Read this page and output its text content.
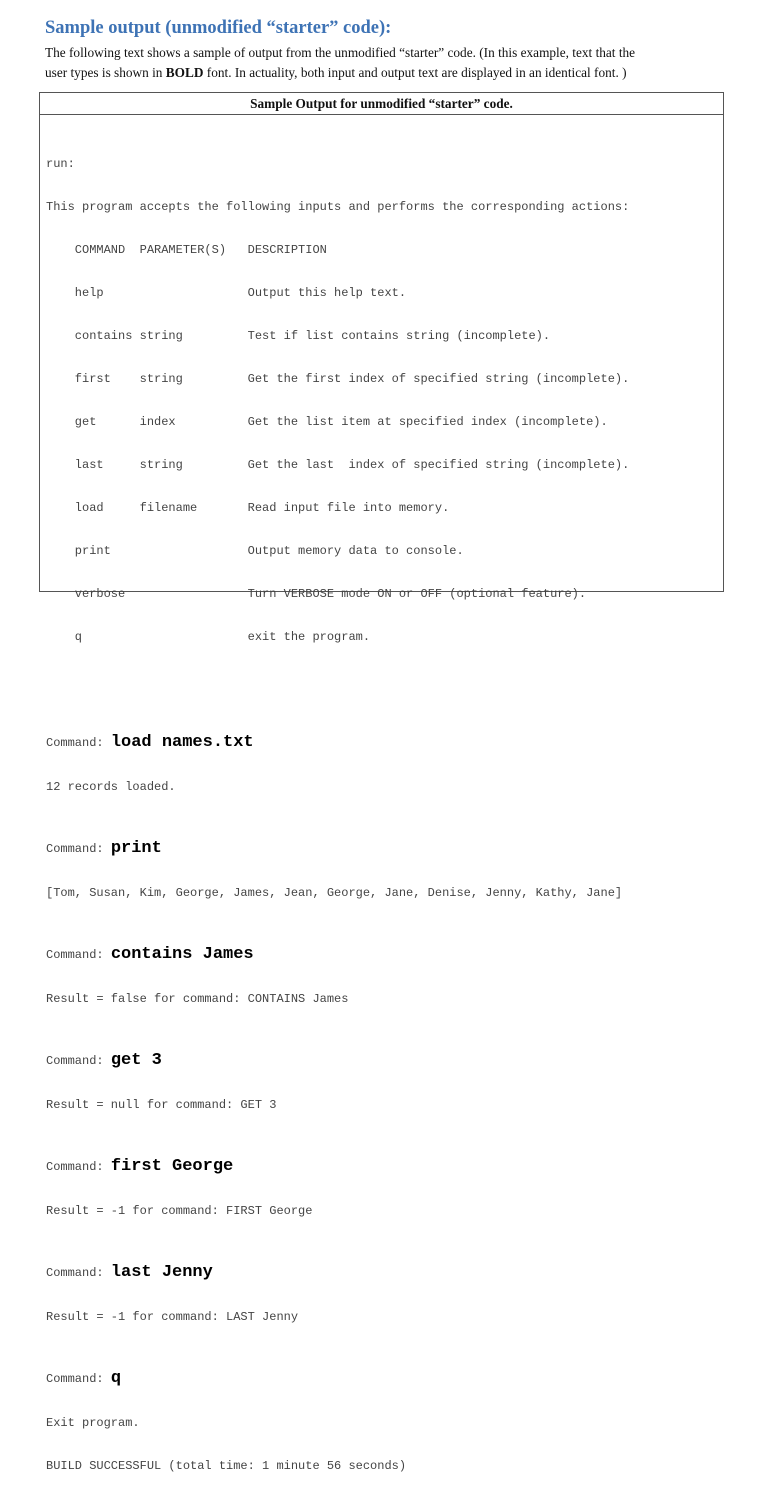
Sample output (unmodified “starter” code):
The following text shows a sample of output from the unmodified “starter” code. (In this example, text that the
user types is shown in BOLD font. In actuality, both input and output text are displayed in an identical font. )
Sample Output for unmodified “starter” code.

run:

This program accepts the following inputs and performs the corresponding actions:

COMMAND  PARAMETER(S)   DESCRIPTION

help                    Output this help text.

contains string         Test if list contains string (incomplete).

first    string         Get the first index of specified string (incomplete).

get      index          Get the list item at specified index (incomplete).

last     string         Get the last  index of specified string (incomplete).

load     filename       Read input file into memory.

print                   Output memory data to console.

verbose                 Turn VERBOSE mode ON or OFF (optional feature).

q                       exit the program.

Command: load names.txt

12 records loaded.

Command: print

[Tom, Susan, Kim, George, James, Jean, George, Jane, Denise, Jenny, Kathy, Jane]

Command: contains James

Result = false for command: CONTAINS James

Command: get 3

Result = null for command: GET 3

Command: first George

Result = -1 for command: FIRST George

Command: last Jenny

Result = -1 for command: LAST Jenny

Command: q

Exit program.

BUILD SUCCESSFUL (total time: 1 minute 56 seconds)
